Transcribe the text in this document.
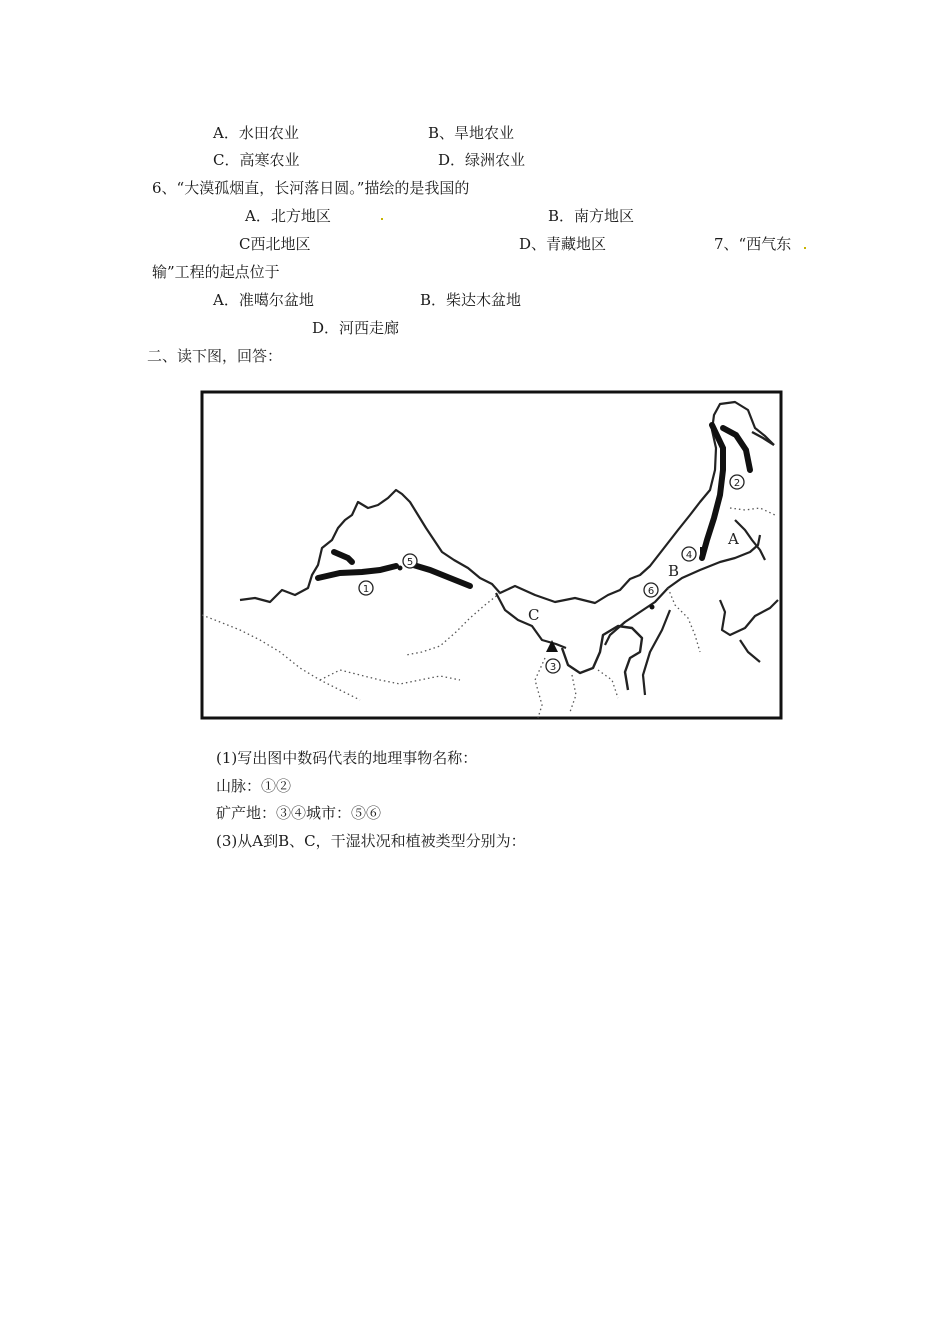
A．水田农业	B、旱地农业
C．高寒农业	D．绿洲农业
6、“大漠孤烟直，长河落日圆。”描绘的是我国的
A．北方地区	B．南方地区
C西北地区	D、青藏地区	7、“西气东
输”工程的起点位于
A．准噶尔盆地	B．柴达木盆地
D．河西走廊
二、读下图，回答：
1
2
3
4
5
6
A
B
C
(1)写出图中数码代表的地理事物名称：
山脉：①②
矿产地：③④城市：⑤⑥
(3)从A到B、C，干湿状况和植被类型分别为：
